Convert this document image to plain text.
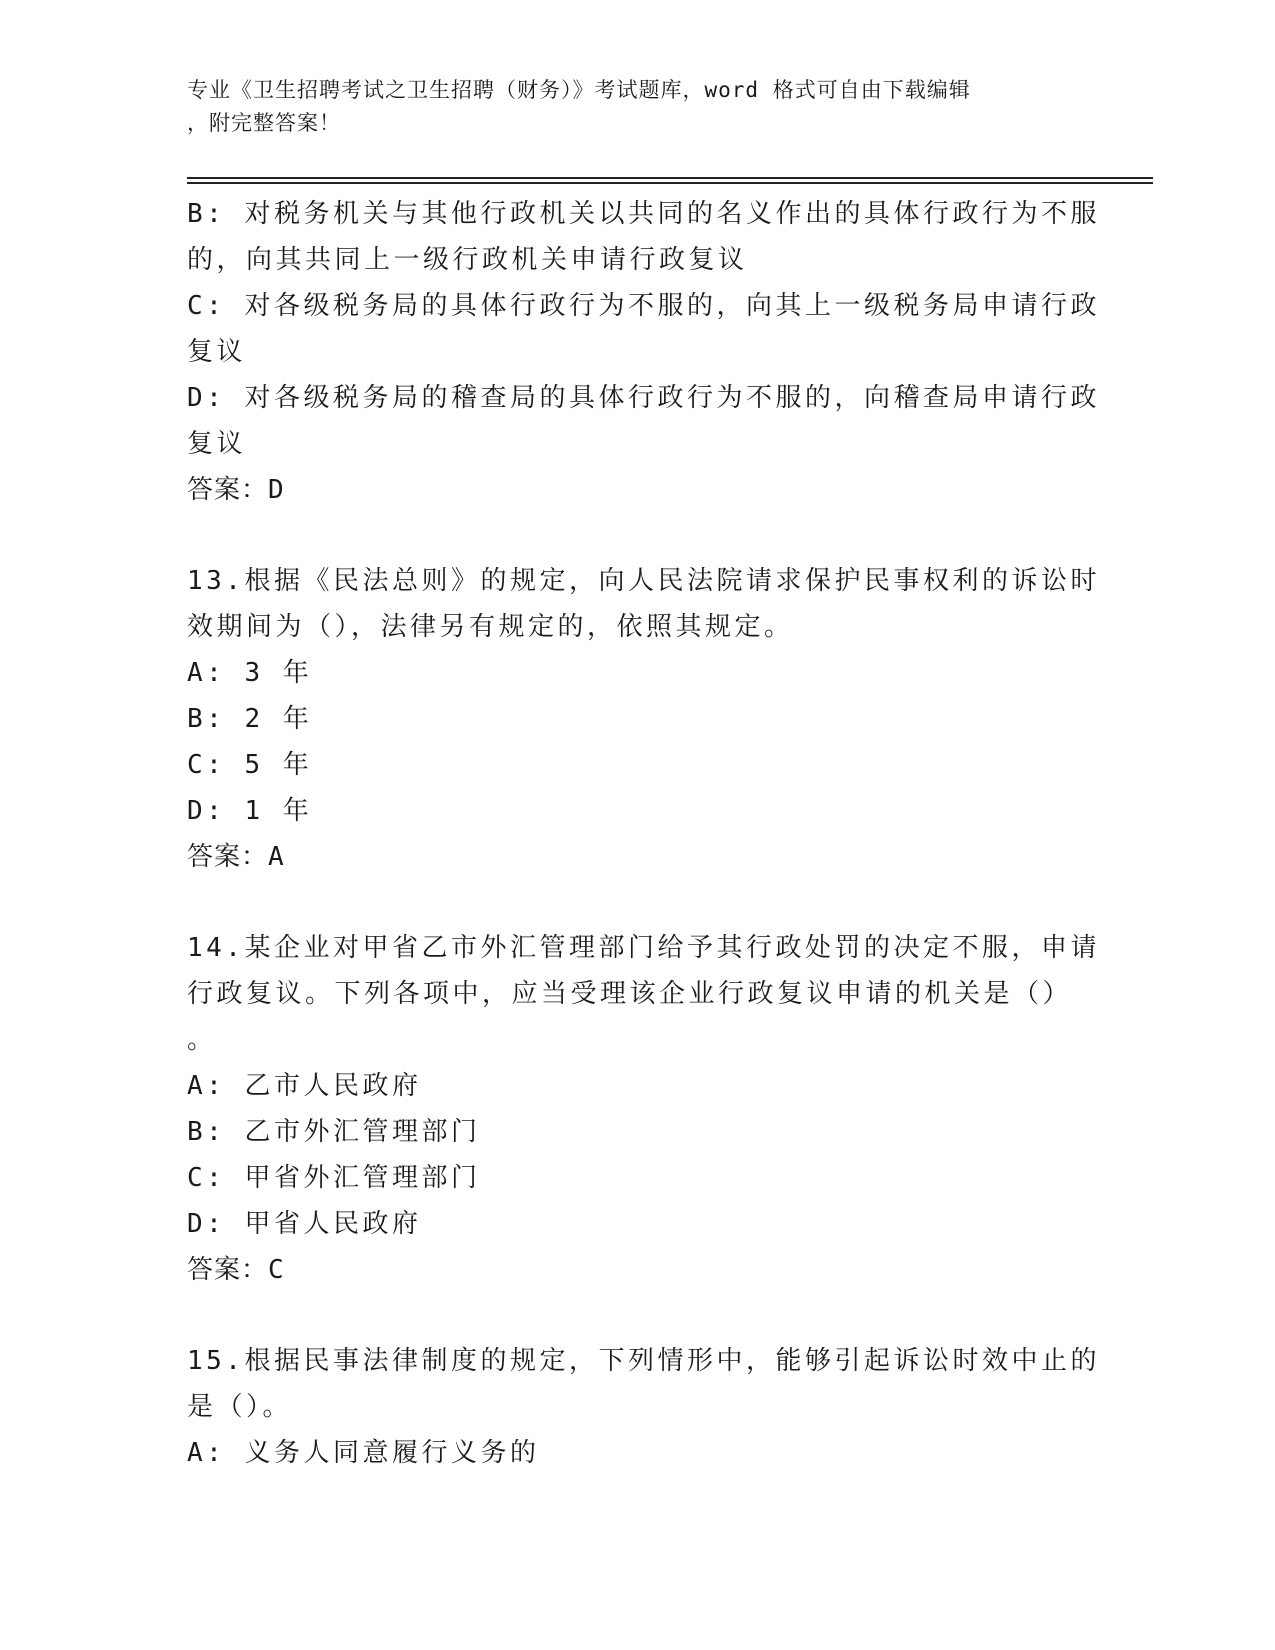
专业《卫生招聘考试之卫生招聘（财务）》考试题库，word 格式可自由下载编辑
，附完整答案！
B: 对税务机关与其他行政机关以共同的名义作出的具体行政行为不服
的，向其共同上一级行政机关申请行政复议
C: 对各级税务局的具体行政行为不服的，向其上一级税务局申请行政
复议
D: 对各级税务局的稽查局的具体行政行为不服的，向稽查局申请行政
复议
答案：D
13.根据《民法总则》的规定，向人民法院请求保护民事权利的诉讼时
效期间为（），法律另有规定的，依照其规定。
A: 3 年
B: 2 年
C: 5 年
D: 1 年
答案：A
14.某企业对甲省乙市外汇管理部门给予其行政处罚的决定不服，申请
行政复议。下列各项中，应当受理该企业行政复议申请的机关是（）
。
A: 乙市人民政府
B: 乙市外汇管理部门
C: 甲省外汇管理部门
D: 甲省人民政府
答案：C
15.根据民事法律制度的规定，下列情形中，能够引起诉讼时效中止的
是（）。
A: 义务人同意履行义务的
